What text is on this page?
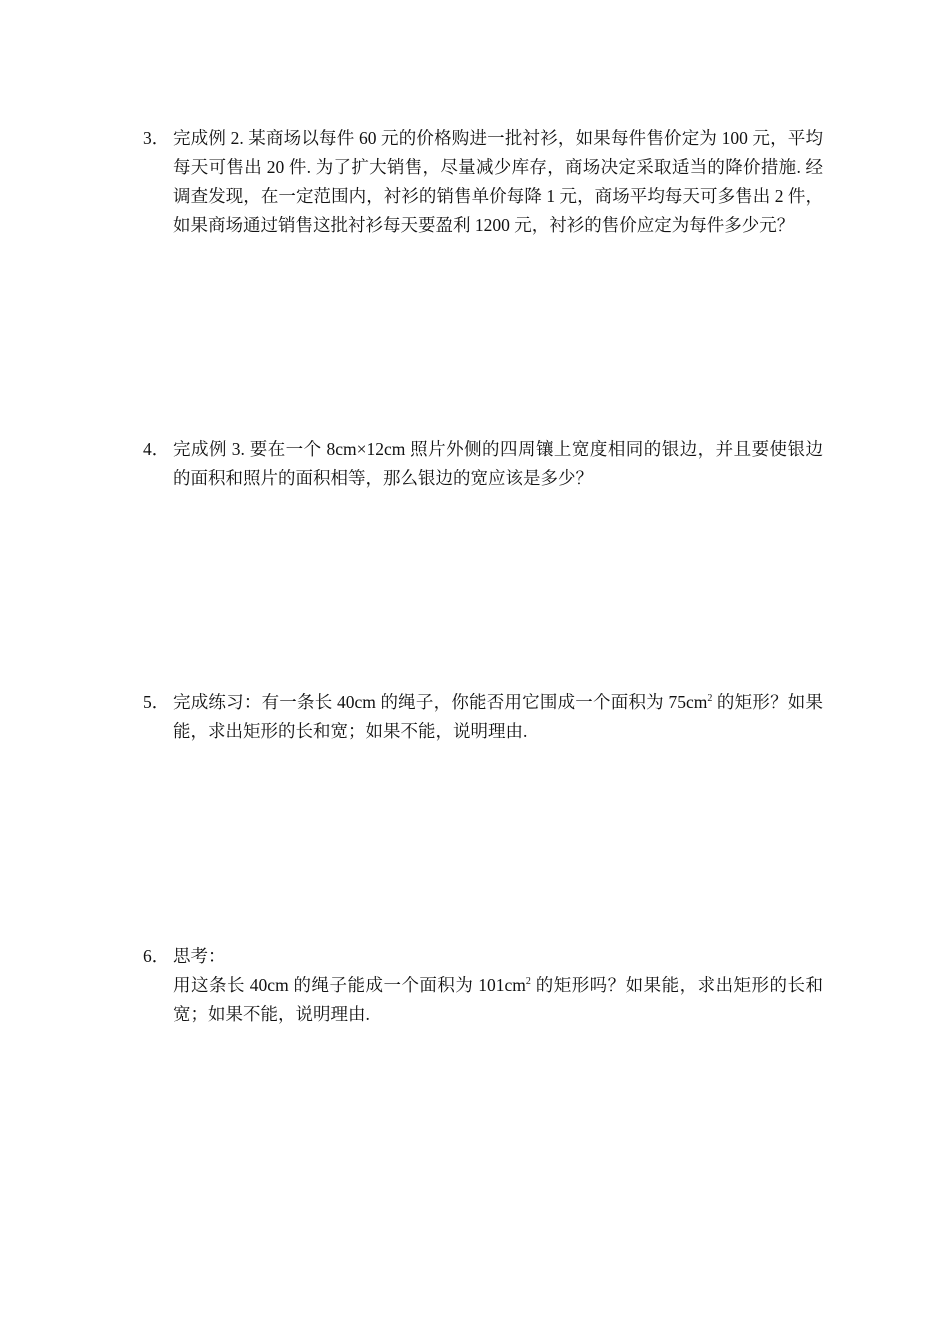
3． 完成例 2. 某商场以每件 60 元的价格购进一批衬衫，如果每件售价定为 100 元，平均每天可售出 20 件. 为了扩大销售，尽量减少库存，商场决定采取适当的降价措施. 经调查发现，在一定范围内，衬衫的销售单价每降 1 元，商场平均每天可多售出 2 件，如果商场通过销售这批衬衫每天要盈利 1200 元，衬衫的售价应定为每件多少元？
4． 完成例 3. 要在一个 8cm×12cm 照片外侧的四周镶上宽度相同的银边，并且要使银边的面积和照片的面积相等，那么银边的宽应该是多少？
5． 完成练习：有一条长 40cm 的绳子，你能否用它围成一个面积为 $75cm^2$ 的矩形？如果能，求出矩形的长和宽；如果不能，说明理由.
6． 思考：
用这条长 40cm 的绳子能成一个面积为 $101cm^2$ 的矩形吗？如果能，求出矩形的长和宽；如果不能，说明理由.
